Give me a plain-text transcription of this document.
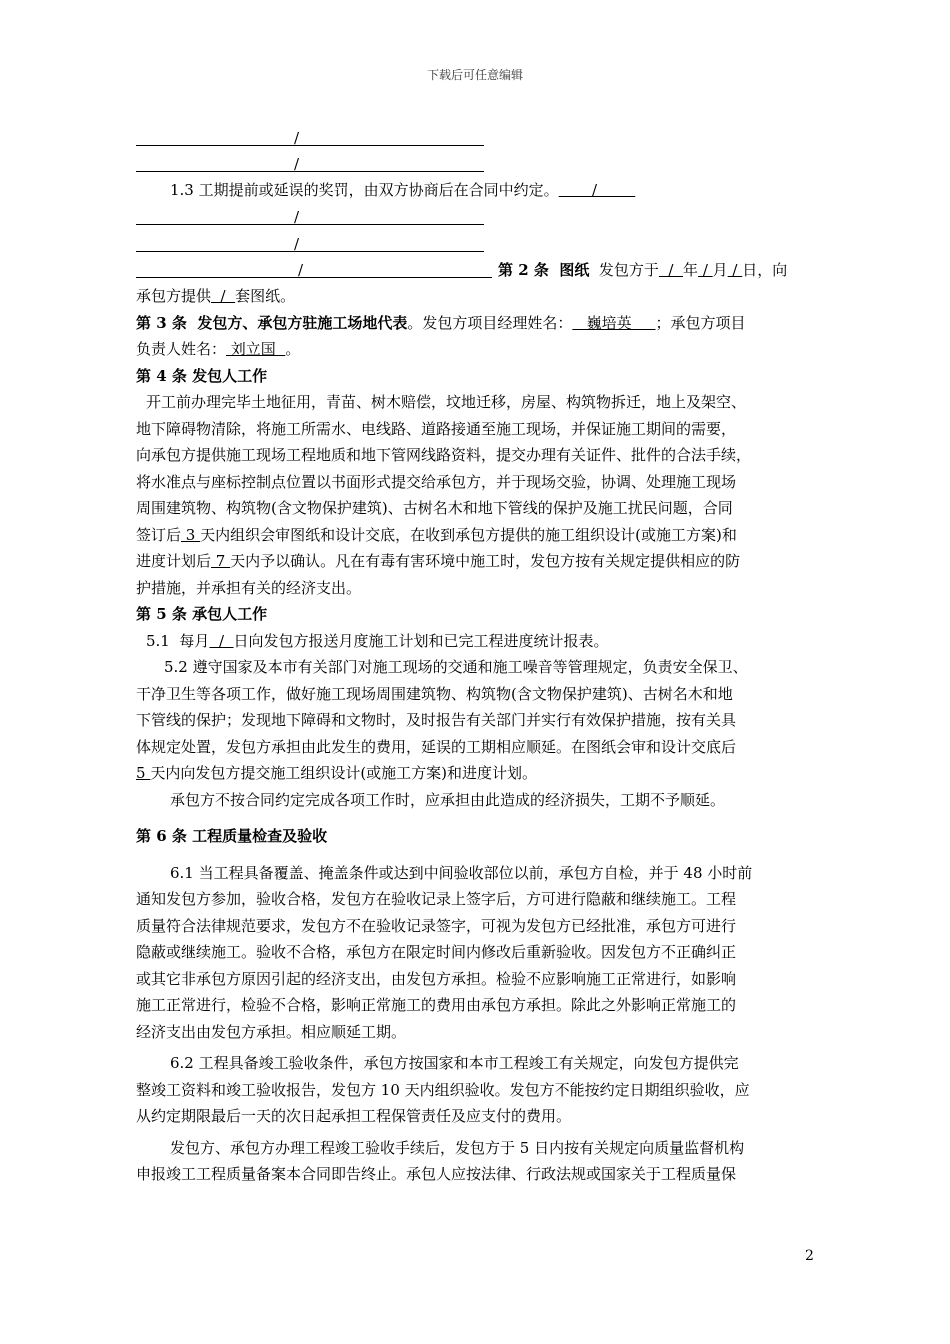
下载后可任意编辑
/
/
1.3 工期提前或延误的奖罚，由双方协商后在合同中约定。       /
/
/
/	第 2 条  图纸 发包方于  /  年 / 月 / 日，向
承包方提供  /  套图纸。
第 3 条  发包方、承包方驻施工场地代表。发包方项目经理姓名：   巍培英     ；承包方项目
负责人姓名： 刘立国  。
第 4 条 发包人工作
开工前办理完毕土地征用，青苗、树木赔偿，坟地迁移，房屋、构筑物拆迁，地上及架空、
地下障碍物清除，将施工所需水、电线路、道路接通至施工现场，并保证施工期间的需要，
向承包方提供施工现场工程地质和地下管网线路资料，提交办理有关证件、批件的合法手续，
将水准点与座标控制点位置以书面形式提交给承包方，并于现场交验，协调、处理施工现场
周围建筑物、构筑物(含文物保护建筑)、古树名木和地下管线的保护及施工扰民问题，合同
签订后 3 天内组织会审图纸和设计交底，在收到承包方提供的施工组织设计(或施工方案)和
进度计划后 7 天内予以确认。凡在有毒有害环境中施工时，发包方按有关规定提供相应的防
护措施，并承担有关的经济支出。
第 5 条 承包人工作
5.1  每月  /  日向发包方报送月度施工计划和已完工程进度统计报表。
5.2 遵守国家及本市有关部门对施工现场的交通和施工噪音等管理规定，负责安全保卫、
干净卫生等各项工作，做好施工现场周围建筑物、构筑物(含文物保护建筑)、古树名木和地
下管线的保护；发现地下障碍和文物时，及时报告有关部门并实行有效保护措施，按有关具
体规定处置，发包方承担由此发生的费用，延误的工期相应顺延。在图纸会审和设计交底后
5 天内向发包方提交施工组织设计(或施工方案)和进度计划。
承包方不按合同约定完成各项工作时，应承担由此造成的经济损失，工期不予顺延。
第 6 条 工程质量检查及验收
6.1 当工程具备覆盖、掩盖条件或达到中间验收部位以前，承包方自检，并于 48 小时前
通知发包方参加，验收合格，发包方在验收记录上签字后，方可进行隐蔽和继续施工。工程
质量符合法律规范要求，发包方不在验收记录签字，可视为发包方已经批准，承包方可进行
隐蔽或继续施工。验收不合格，承包方在限定时间内修改后重新验收。因发包方不正确纠正
或其它非承包方原因引起的经济支出，由发包方承担。检验不应影响施工正常进行，如影响
施工正常进行，检验不合格，影响正常施工的费用由承包方承担。除此之外影响正常施工的
经济支出由发包方承担。相应顺延工期。
6.2 工程具备竣工验收条件，承包方按国家和本市工程竣工有关规定，向发包方提供完
整竣工资料和竣工验收报告，发包方 10 天内组织验收。发包方不能按约定日期组织验收，应
从约定期限最后一天的次日起承担工程保管责任及应支付的费用。
发包方、承包方办理工程竣工验收手续后，发包方于 5 日内按有关规定向质量监督机构
申报竣工工程质量备案本合同即告终止。承包人应按法律、行政法规或国家关于工程质量保
2
